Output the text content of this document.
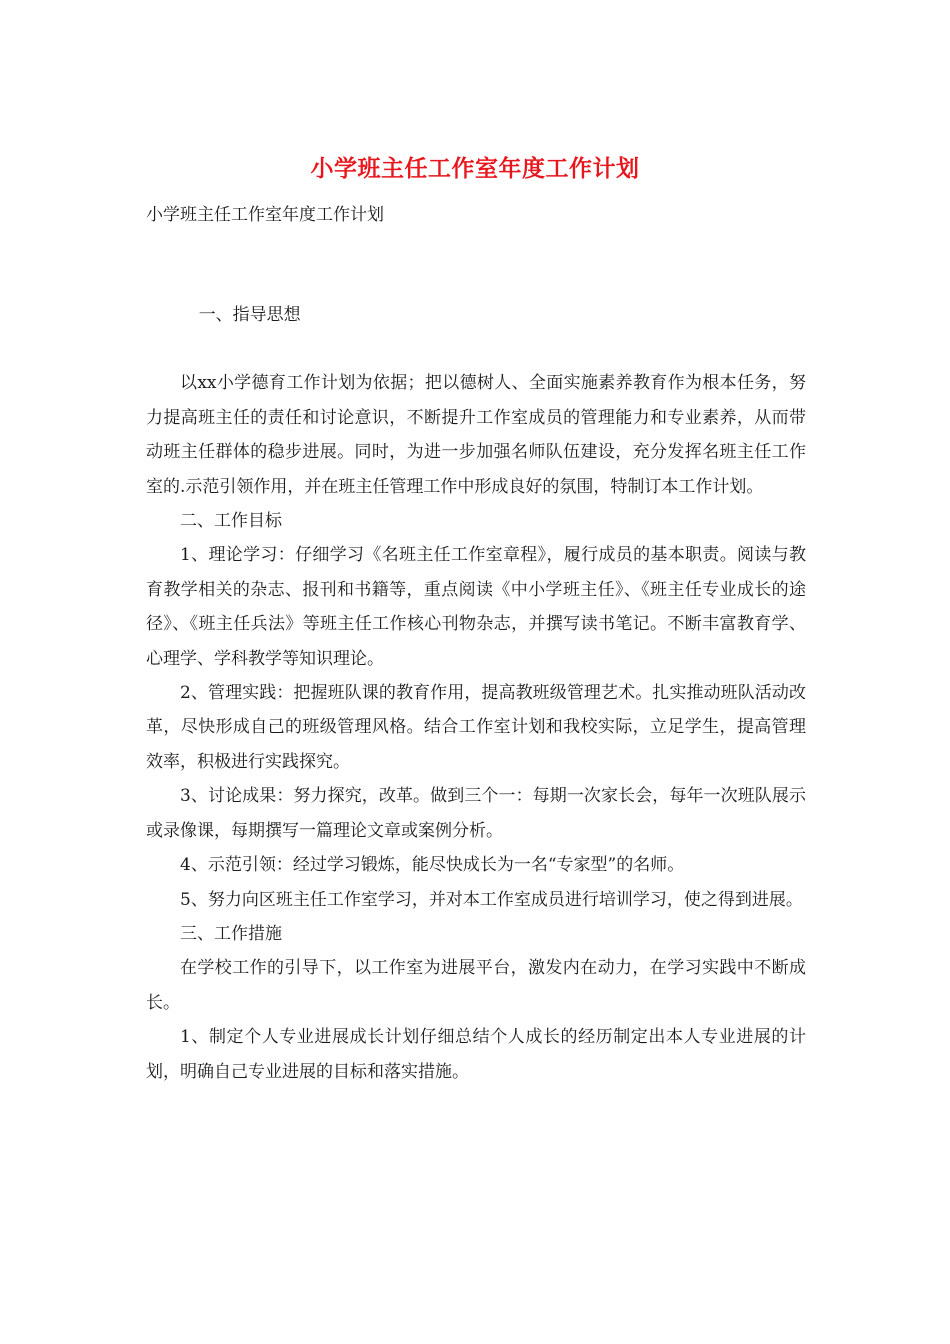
小学班主任工作室年度工作计划
小学班主任工作室年度工作计划

一、指导思想

以xx小学德育工作计划为依据；把以德树人、全面实施素养教育作为根本任务，努力提高班主任的责任和讨论意识，不断提升工作室成员的管理能力和专业素养，从而带动班主任群体的稳步进展。同时，为进一步加强名师队伍建设，充分发挥名班主任工作室的.示范引领作用，并在班主任管理工作中形成良好的氛围，特制订本工作计划。

二、工作目标

1、理论学习：仔细学习《名班主任工作室章程》，履行成员的基本职责。阅读与教育教学相关的杂志、报刊和书籍等，重点阅读《中小学班主任》、《班主任专业成长的途径》、《班主任兵法》等班主任工作核心刊物杂志，并撰写读书笔记。不断丰富教育学、心理学、学科教学等知识理论。

2、管理实践：把握班队课的教育作用，提高教班级管理艺术。扎实推动班队活动改革，尽快形成自己的班级管理风格。结合工作室计划和我校实际，立足学生，提高管理效率，积极进行实践探究。

3、讨论成果：努力探究，改革。做到三个一：每期一次家长会，每年一次班队展示或录像课，每期撰写一篇理论文章或案例分析。

4、示范引领：经过学习锻炼，能尽快成长为一名“专家型”的名师。

5、努力向区班主任工作室学习，并对本工作室成员进行培训学习，使之得到进展。

三、工作措施

在学校工作的引导下，以工作室为进展平台，激发内在动力，在学习实践中不断成长。

1、制定个人专业进展成长计划仔细总结个人成长的经历制定出本人专业进展的计划，明确自己专业进展的目标和落实措施。
